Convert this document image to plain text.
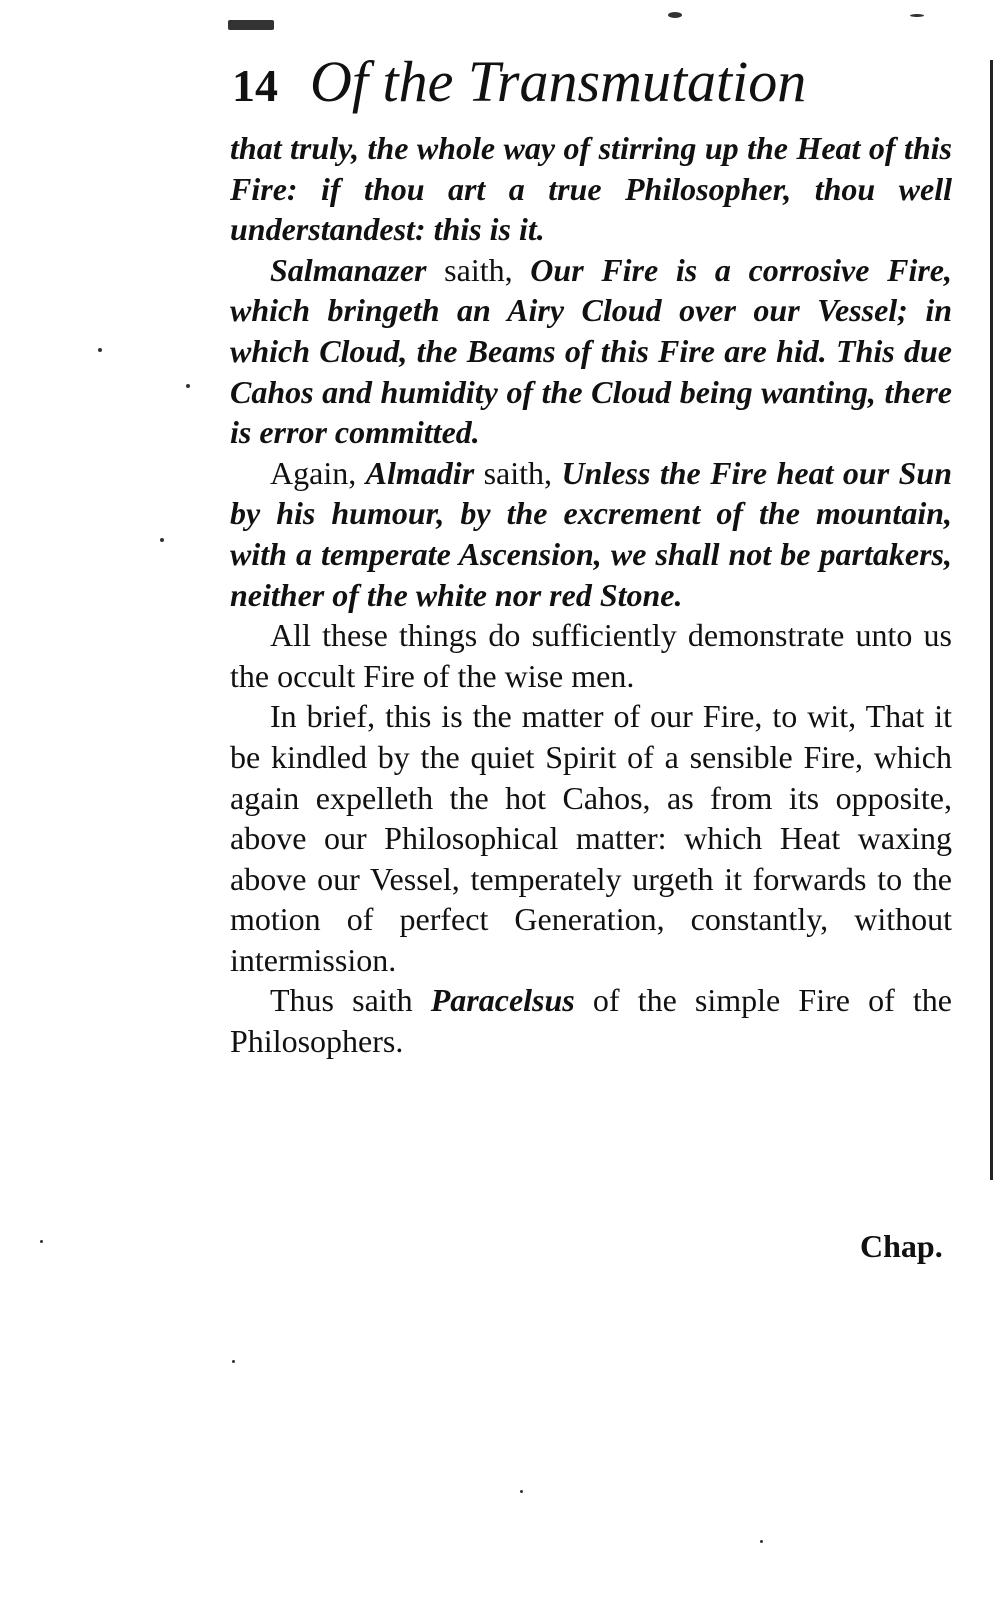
14 Of the Transmutation

that truly, the whole way of stirring up the Heat of this Fire: if thou art a true Philosopher, thou well understandest: this is it.

Salmanazer saith, Our Fire is a corrosive Fire, which bringeth an Airy Cloud over our Vessel; in which Cloud, the Beams of this Fire are hid. This due Cahos and humidity of the Cloud being wanting, there is error committed.

Again, Almadir saith, Unless the Fire heat our Sun by his humour, by the excrement of the mountain, with a temperate Ascension, we shall not be partakers, neither of the white nor red Stone.

All these things do sufficiently demonstrate unto us the occult Fire of the wise men.

In brief, this is the matter of our Fire, to wit, That it be kindled by the quiet Spirit of a sensible Fire, which again expelleth the hot Cahos, as from its opposite, above our Philosophical matter: which Heat waxing above our Vessel, temperately urgeth it forwards to the motion of perfect Generation, constantly, without intermission.

Thus saith Paracelsus of the simple Fire of the Philosophers.

Chap.
